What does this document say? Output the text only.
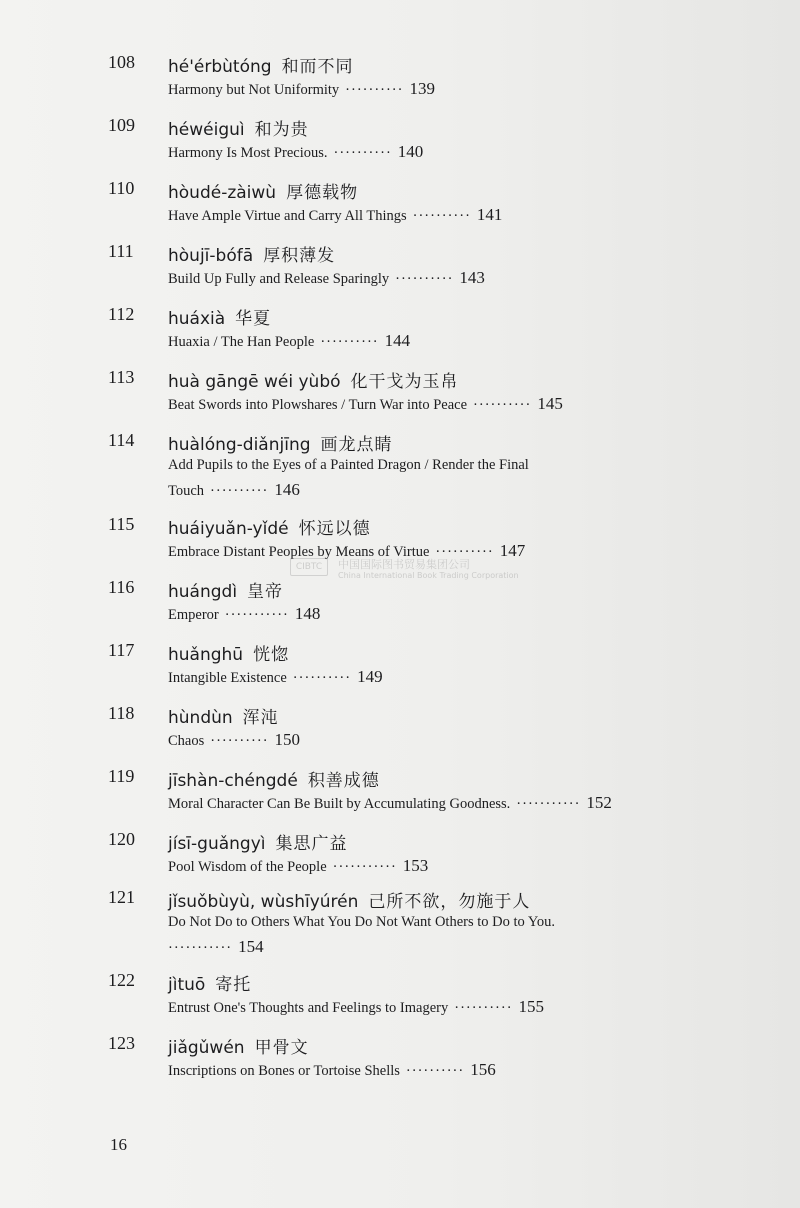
108 hé'érbùtóng 和而不同
Harmony but Not Uniformity ·········· 139
109 héwéiguì 和为贵
Harmony Is Most Precious. ·········· 140
110 hòudé-zàiwù 厚德载物
Have Ample Virtue and Carry All Things ·········· 141
111 hòujī-bófā 厚积薄发
Build Up Fully and Release Sparingly ·········· 143
112 huáxià 华夏
Huaxia / The Han People ·········· 144
113 huà gāngē wéi yùbó 化干戈为玉帛
Beat Swords into Plowshares / Turn War into Peace ·········· 145
114 huàlóng-diǎnjīng 画龙点睛
Add Pupils to the Eyes of a Painted Dragon / Render the Final
Touch ·········· 146
115 huáiyuǎn-yǐdé 怀远以德
Embrace Distant Peoples by Means of Virtue ·········· 147
116 huángdì 皇帝
Emperor ··········· 148
117 huǎnghū 恍惚
Intangible Existence ·········· 149
118 hùndùn 浑沌
Chaos ·········· 150
119 jīshàn-chéngdé 积善成德
Moral Character Can Be Built by Accumulating Goodness. ··········· 152
120 jísī-guǎngyì 集思广益
Pool Wisdom of the People ··········· 153
121 jǐsuǒbùyù, wùshīyúrén 己所不欲，勿施于人
Do Not Do to Others What You Do Not Want Others to Do to You.
··········· 154
122 jìtuō 寄托
Entrust One's Thoughts and Feelings to Imagery ·········· 155
123 jiǎgǔwén 甲骨文
Inscriptions on Bones or Tortoise Shells ·········· 156
CIBTC	中国国际图书贸易集团公司
China International Book Trading Corporation
16
